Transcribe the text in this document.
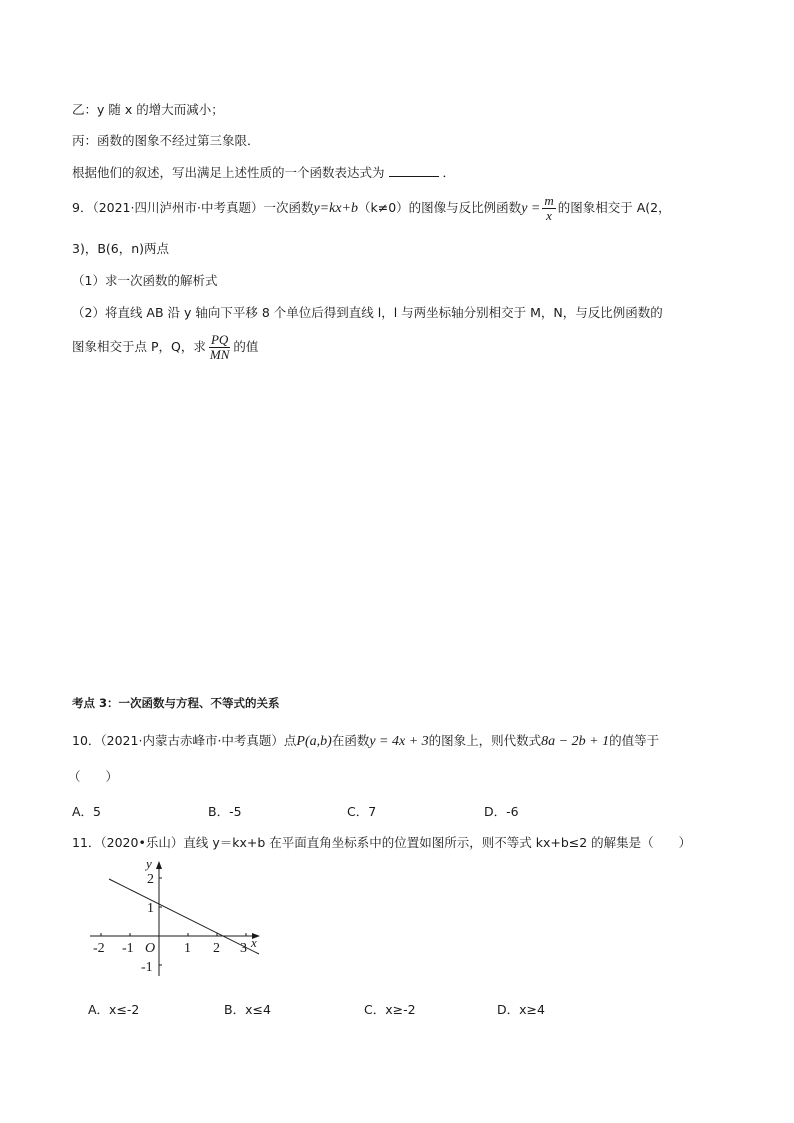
乙：y 随 x 的增大而减小；
丙：函数的图象不经过第三象限．
根据他们的叙述，写出满足上述性质的一个函数表达式为	．
9．（2021·四川泸州市·中考真题）一次函数y=kx+b（k≠0）的图像与反比例函数$y = \frac{m}{x}$ 的图象相交于 A(2，
3)，B(6，n)两点
（1）求一次函数的解析式
（2）将直线 AB 沿 y 轴向下平移 8 个单位后得到直线 l，l 与两坐标轴分别相交于 M，N，与反比例函数的
图象相交于点 P，Q，求 $\frac{PQ}{MN}$ 的值
考点 3：一次函数与方程、不等式的关系
10．（2021·内蒙古赤峰市·中考真题）点P(a,b)在函数y = 4x + 3的图象上，则代数式8a − 2b + 1的值等于
（　　）
A．5	B．-5	C．7	D．-6
11．（2020•乐山）直线 y＝kx+b 在平面直角坐标系中的位置如图所示，则不等式 kx+b≤2 的解集是（　　）
-2 -1 O 1 2 3 x
2
1
-1
y
A．x≤-2	B．x≤4	C．x≥-2	D．x≥4
